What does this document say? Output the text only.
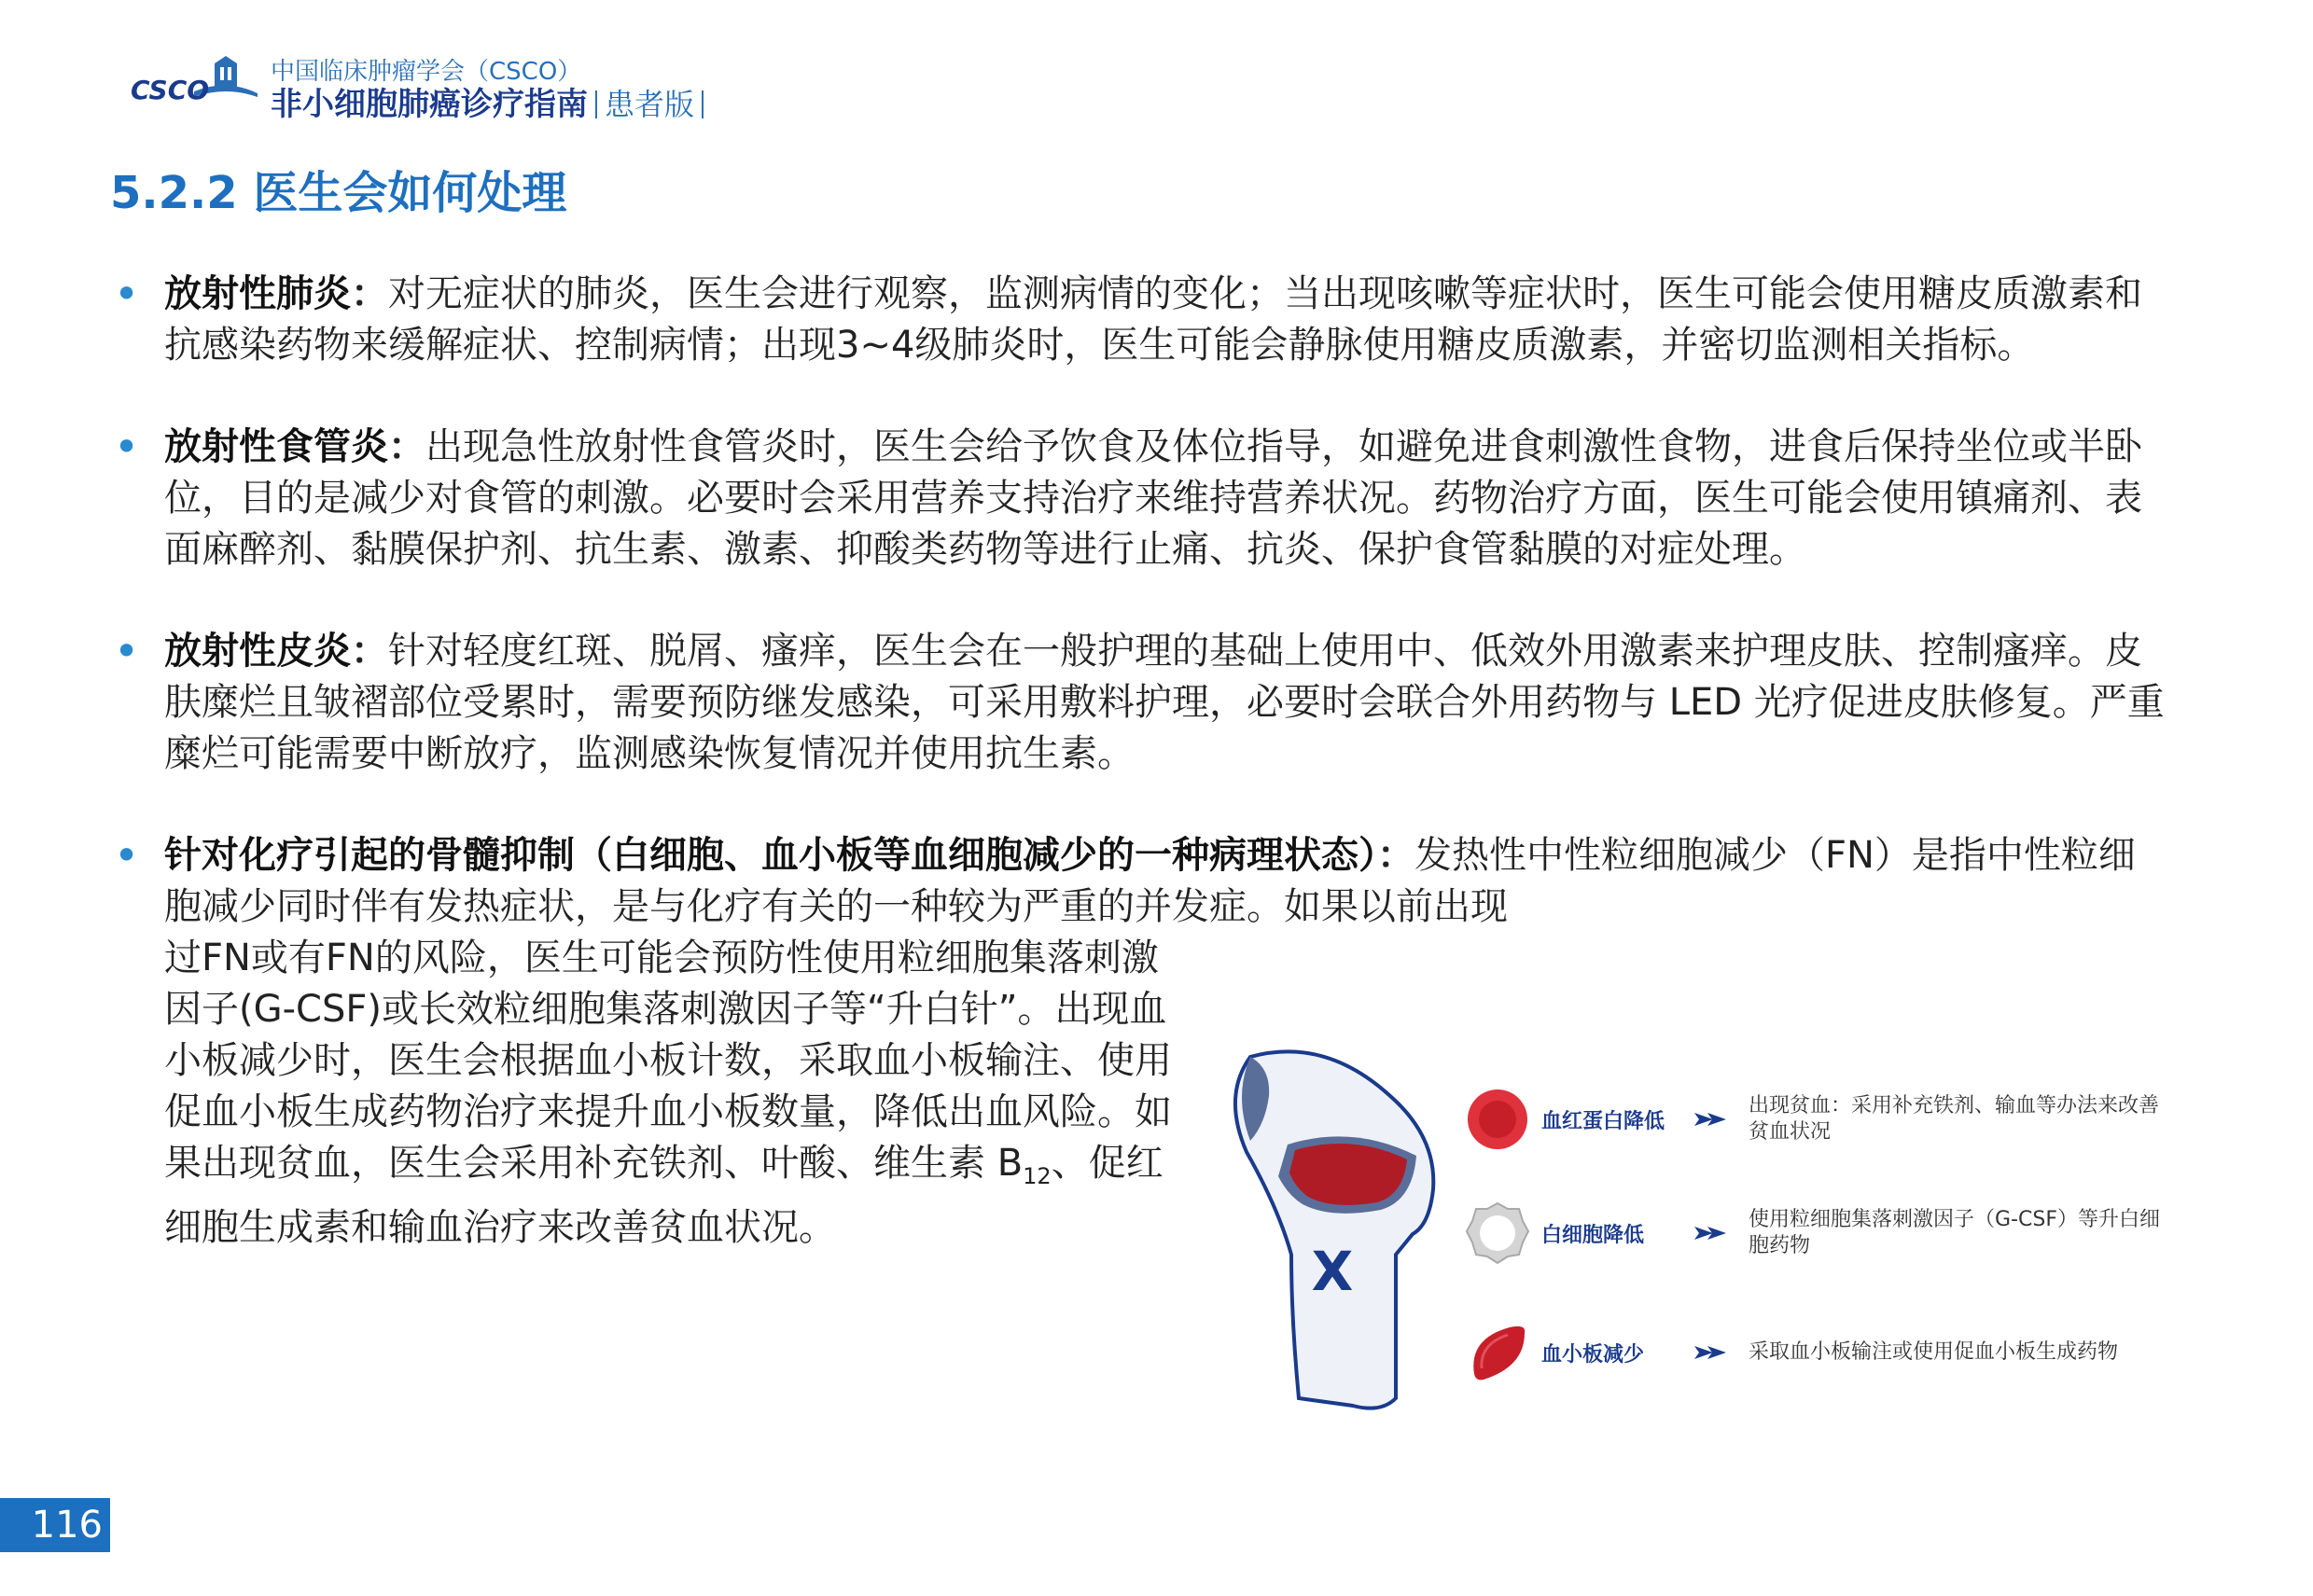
CSCO
中国临床肿瘤学会（CSCO）
非小细胞肺癌诊疗指南 患者版
5.2.2 医生会如何处理
• 放射性肺炎：对无症状的肺炎，医生会进行观察，监测病情的变化；当出现咳嗽等症状时，医生可能会使用糖皮质激素和抗感染药物来缓解症状、控制病情；出现3~4级肺炎时，医生可能会静脉使用糖皮质激素，并密切监测相关指标。

• 放射性食管炎：出现急性放射性食管炎时，医生会给予饮食及体位指导，如避免进食刺激性食物，进食后保持坐位或半卧位，目的是减少对食管的刺激。必要时会采用营养支持治疗来维持营养状况。药物治疗方面，医生可能会使用镇痛剂、表面麻醉剂、黏膜保护剂、抗生素、激素、抑酸类药物等进行止痛、抗炎、保护食管黏膜的对症处理。

• 放射性皮炎：针对轻度红斑、脱屑、瘙痒，医生会在一般护理的基础上使用中、低效外用激素来护理皮肤、控制瘙痒。皮肤糜烂且皱褶部位受累时，需要预防继发感染，可采用敷料护理，必要时会联合外用药物与 LED 光疗促进皮肤修复。严重糜烂可能需要中断放疗，监测感染恢复情况并使用抗生素。

• 针对化疗引起的骨髓抑制（白细胞、血小板等血细胞减少的一种病理状态）：发热性中性粒细胞减少（FN）是指中性粒细胞减少同时伴有发热症状，是与化疗有关的一种较为严重的并发症。如果以前出现

过FN或有FN的风险，医生可能会预防性使用粒细胞集落刺激因子(G-CSF)或长效粒细胞集落刺激因子等“升白针”。出现血小板减少时，医生会根据血小板计数，采取血小板输注、使用促血小板生成药物治疗来提升血小板数量，降低出血风险。如果出现贫血，医生会采用补充铁剂、叶酸、维生素 $B_{12}$、促红细胞生成素和输血治疗来改善贫血状况。

X
血红蛋白降低
出现贫血：采用补充铁剂、输血等办法来改善贫血状况
白细胞降低
使用粒细胞集落刺激因子（G-CSF）等升白细胞药物
血小板减少	采取血小板输注或使用促血小板生成药物
116
